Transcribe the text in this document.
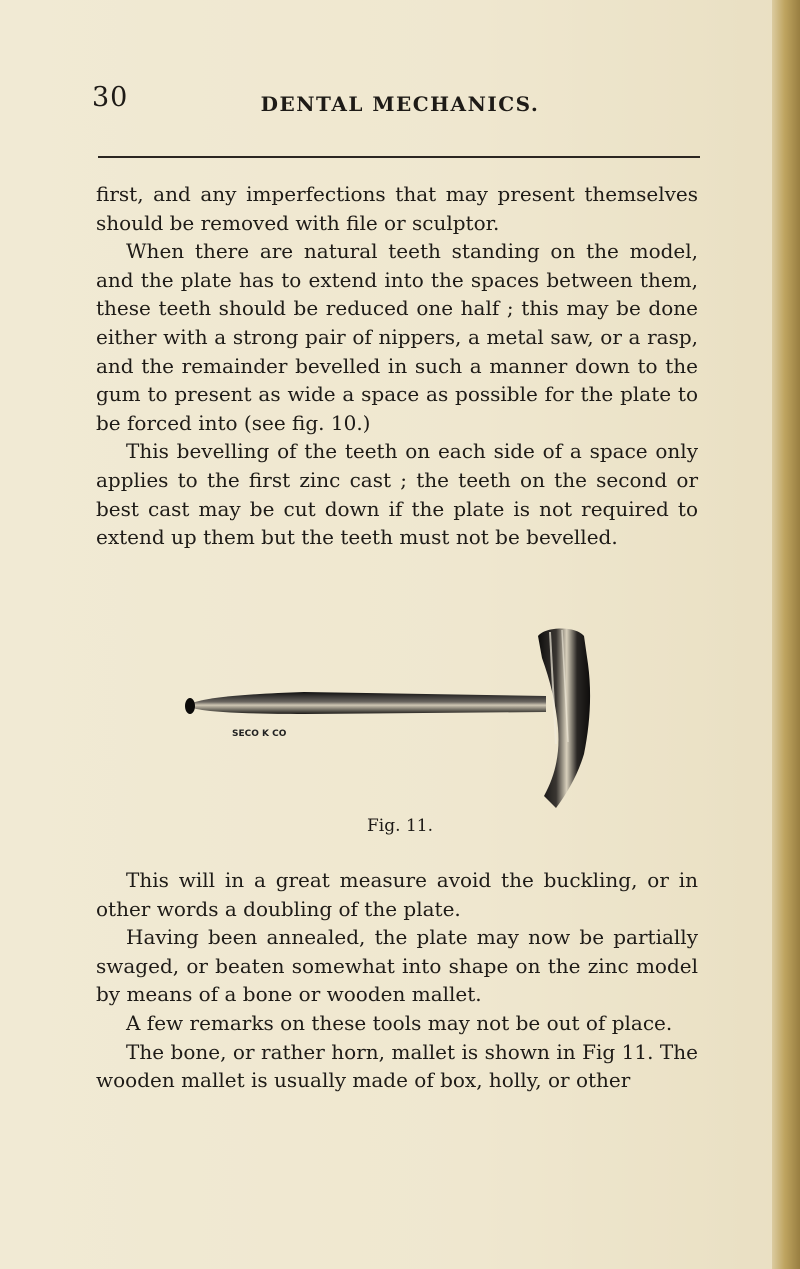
30	DENTAL MECHANICS.

first, and any imperfections that may present themselves should be removed with file or sculptor.

When there are natural teeth standing on the model, and the plate has to extend into the spaces between them, these teeth should be reduced one half ; this may be done either with a strong pair of nippers, a metal saw, or a rasp, and the remainder bevelled in such a manner down to the gum to present as wide a space as possible for the plate to be forced into (see fig. 10.)

This bevelling of the teeth on each side of a space only applies to the first zinc cast ; the teeth on the second or best cast may be cut down if the plate is not required to extend up them but the teeth must not be bevelled.

SECO K CO
Fig. 11.

This will in a great measure avoid the buckling, or in other words a doubling of the plate.

Having been annealed, the plate may now be partially swaged, or beaten somewhat into shape on the zinc model by means of a bone or wooden mallet.

A few remarks on these tools may not be out of place.

The bone, or rather horn, mallet is shown in Fig 11. The wooden mallet is usually made of box, holly, or other
